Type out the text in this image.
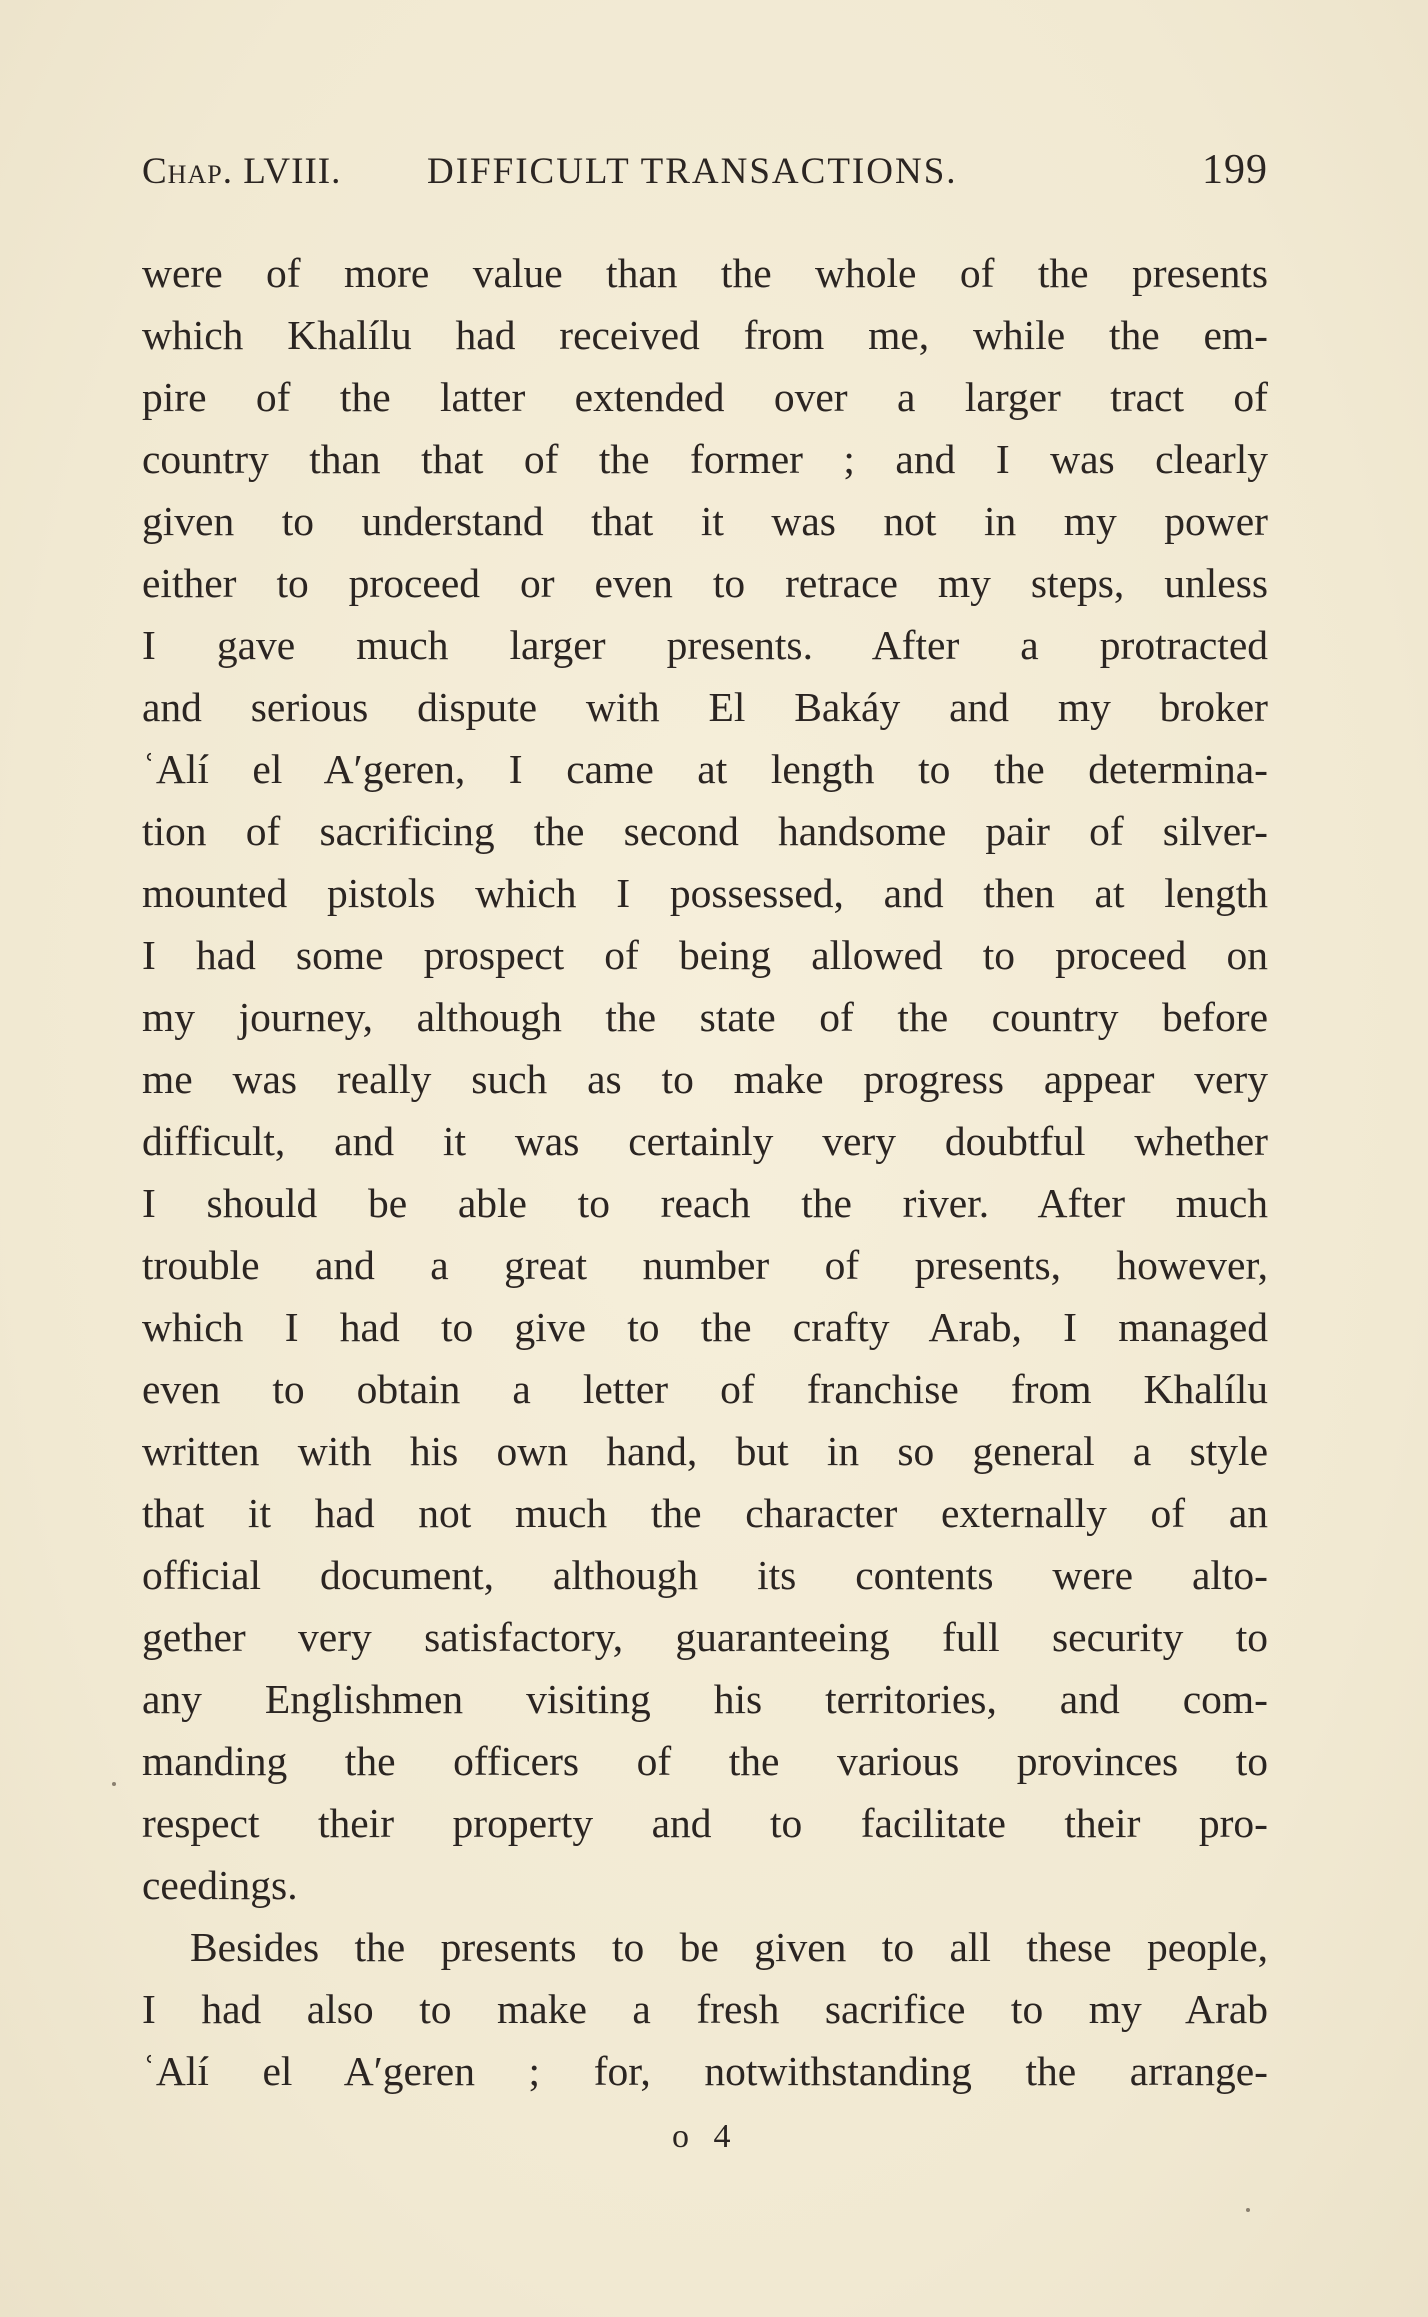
Chap. LVIII. DIFFICULT TRANSACTIONS.	199
were of more value than the whole of the presents
which Khalílu had received from me, while the em-
pire of the latter extended over a larger tract of
country than that of the former ; and I was clearly
given to understand that it was not in my power
either to proceed or even to retrace my steps, unless
I gave much larger presents. After a protracted
and serious dispute with El Bakáy and my broker
ʿAlí el A′geren, I came at length to the determina-
tion of sacrificing the second handsome pair of silver-
mounted pistols which I possessed, and then at length
I had some prospect of being allowed to proceed on
my journey, although the state of the country before
me was really such as to make progress appear very
difficult, and it was certainly very doubtful whether
I should be able to reach the river. After much
trouble and a great number of presents, however,
which I had to give to the crafty Arab, I managed
even to obtain a letter of franchise from Khalílu
written with his own hand, but in so general a style
that it had not much the character externally of an
official document, although its contents were alto-
gether very satisfactory, guaranteeing full security to
any Englishmen visiting his territories, and com-
manding the officers of the various provinces to
respect their property and to facilitate their pro-
ceedings.
Besides the presents to be given to all these people,
I had also to make a fresh sacrifice to my Arab
ʿAlí el A′geren ; for, notwithstanding the arrange-
o 4
